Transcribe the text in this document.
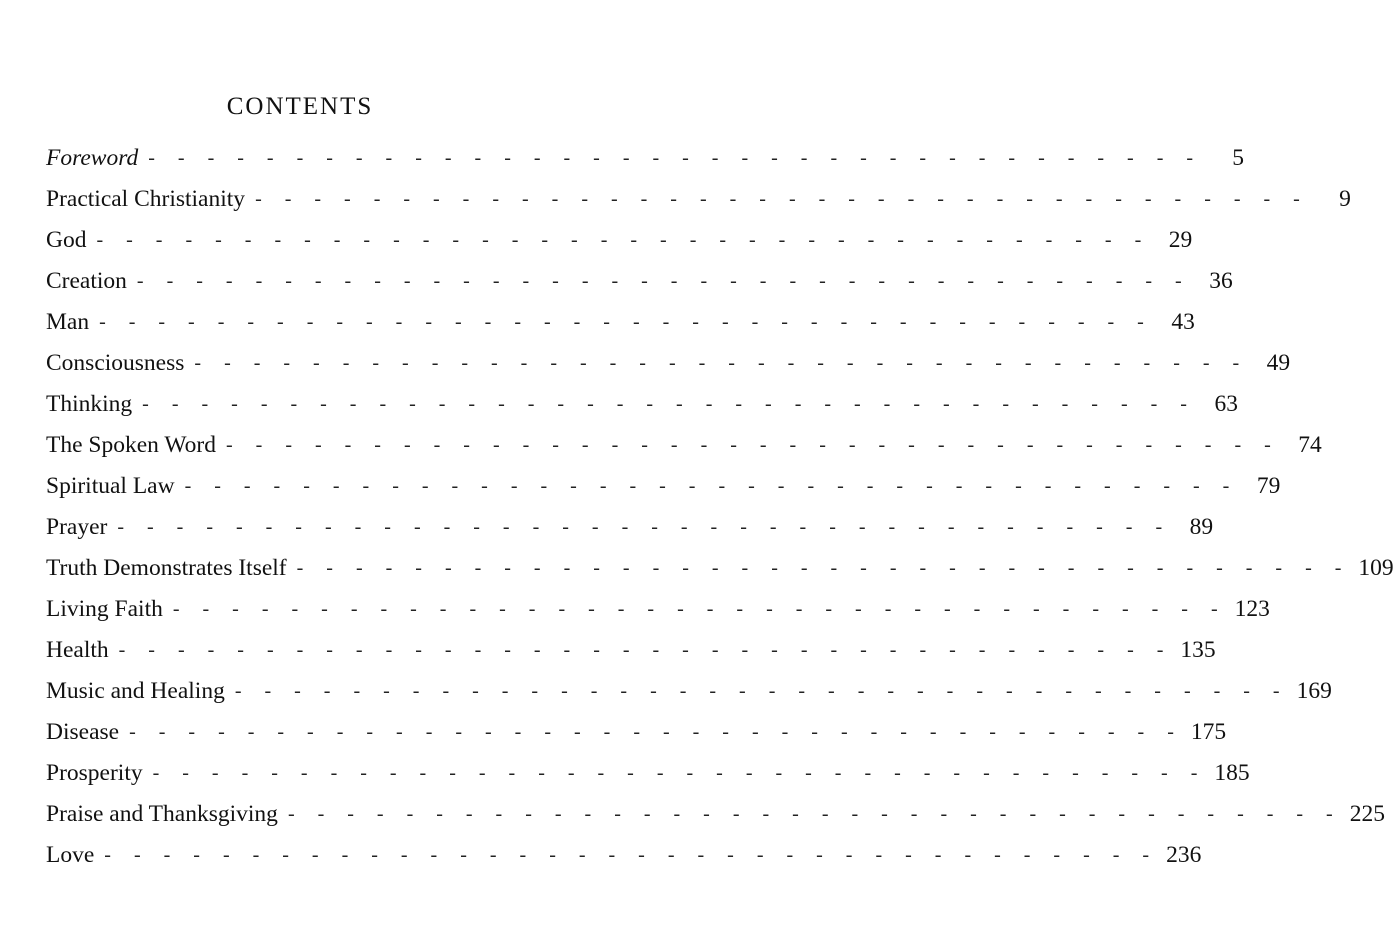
CONTENTS
Foreword - - - - - - - - - - - - - - - - - - - - - - - - - - - - - - - - - - - -	5
Practical Christianity - - - - - - - - - - - - - - - - - - - - - - - - - - - - - - - - - - - -	9
God - - - - - - - - - - - - - - - - - - - - - - - - - - - - - - - - - - - - 29
Creation - - - - - - - - - - - - - - - - - - - - - - - - - - - - - - - - - - - - 36
Man - - - - - - - - - - - - - - - - - - - - - - - - - - - - - - - - - - - - 43
Consciousness - - - - - - - - - - - - - - - - - - - - - - - - - - - - - - - - - - - - 49
Thinking - - - - - - - - - - - - - - - - - - - - - - - - - - - - - - - - - - - - 63
The Spoken Word - - - - - - - - - - - - - - - - - - - - - - - - - - - - - - - - - - - - 74
Spiritual Law - - - - - - - - - - - - - - - - - - - - - - - - - - - - - - - - - - - - 79
Prayer - - - - - - - - - - - - - - - - - - - - - - - - - - - - - - - - - - - - 89
Truth Demonstrates Itself - - - - - - - - - - - - - - - - - - - - - - - - - - - - - - - - - - - - 109
Living Faith - - - - - - - - - - - - - - - - - - - - - - - - - - - - - - - - - - - - 123
Health - - - - - - - - - - - - - - - - - - - - - - - - - - - - - - - - - - - - 135
Music and Healing - - - - - - - - - - - - - - - - - - - - - - - - - - - - - - - - - - - - 169
Disease - - - - - - - - - - - - - - - - - - - - - - - - - - - - - - - - - - - - 175
Prosperity - - - - - - - - - - - - - - - - - - - - - - - - - - - - - - - - - - - - 185
Praise and Thanksgiving - - - - - - - - - - - - - - - - - - - - - - - - - - - - - - - - - - - - 225
Love - - - - - - - - - - - - - - - - - - - - - - - - - - - - - - - - - - - - 236
